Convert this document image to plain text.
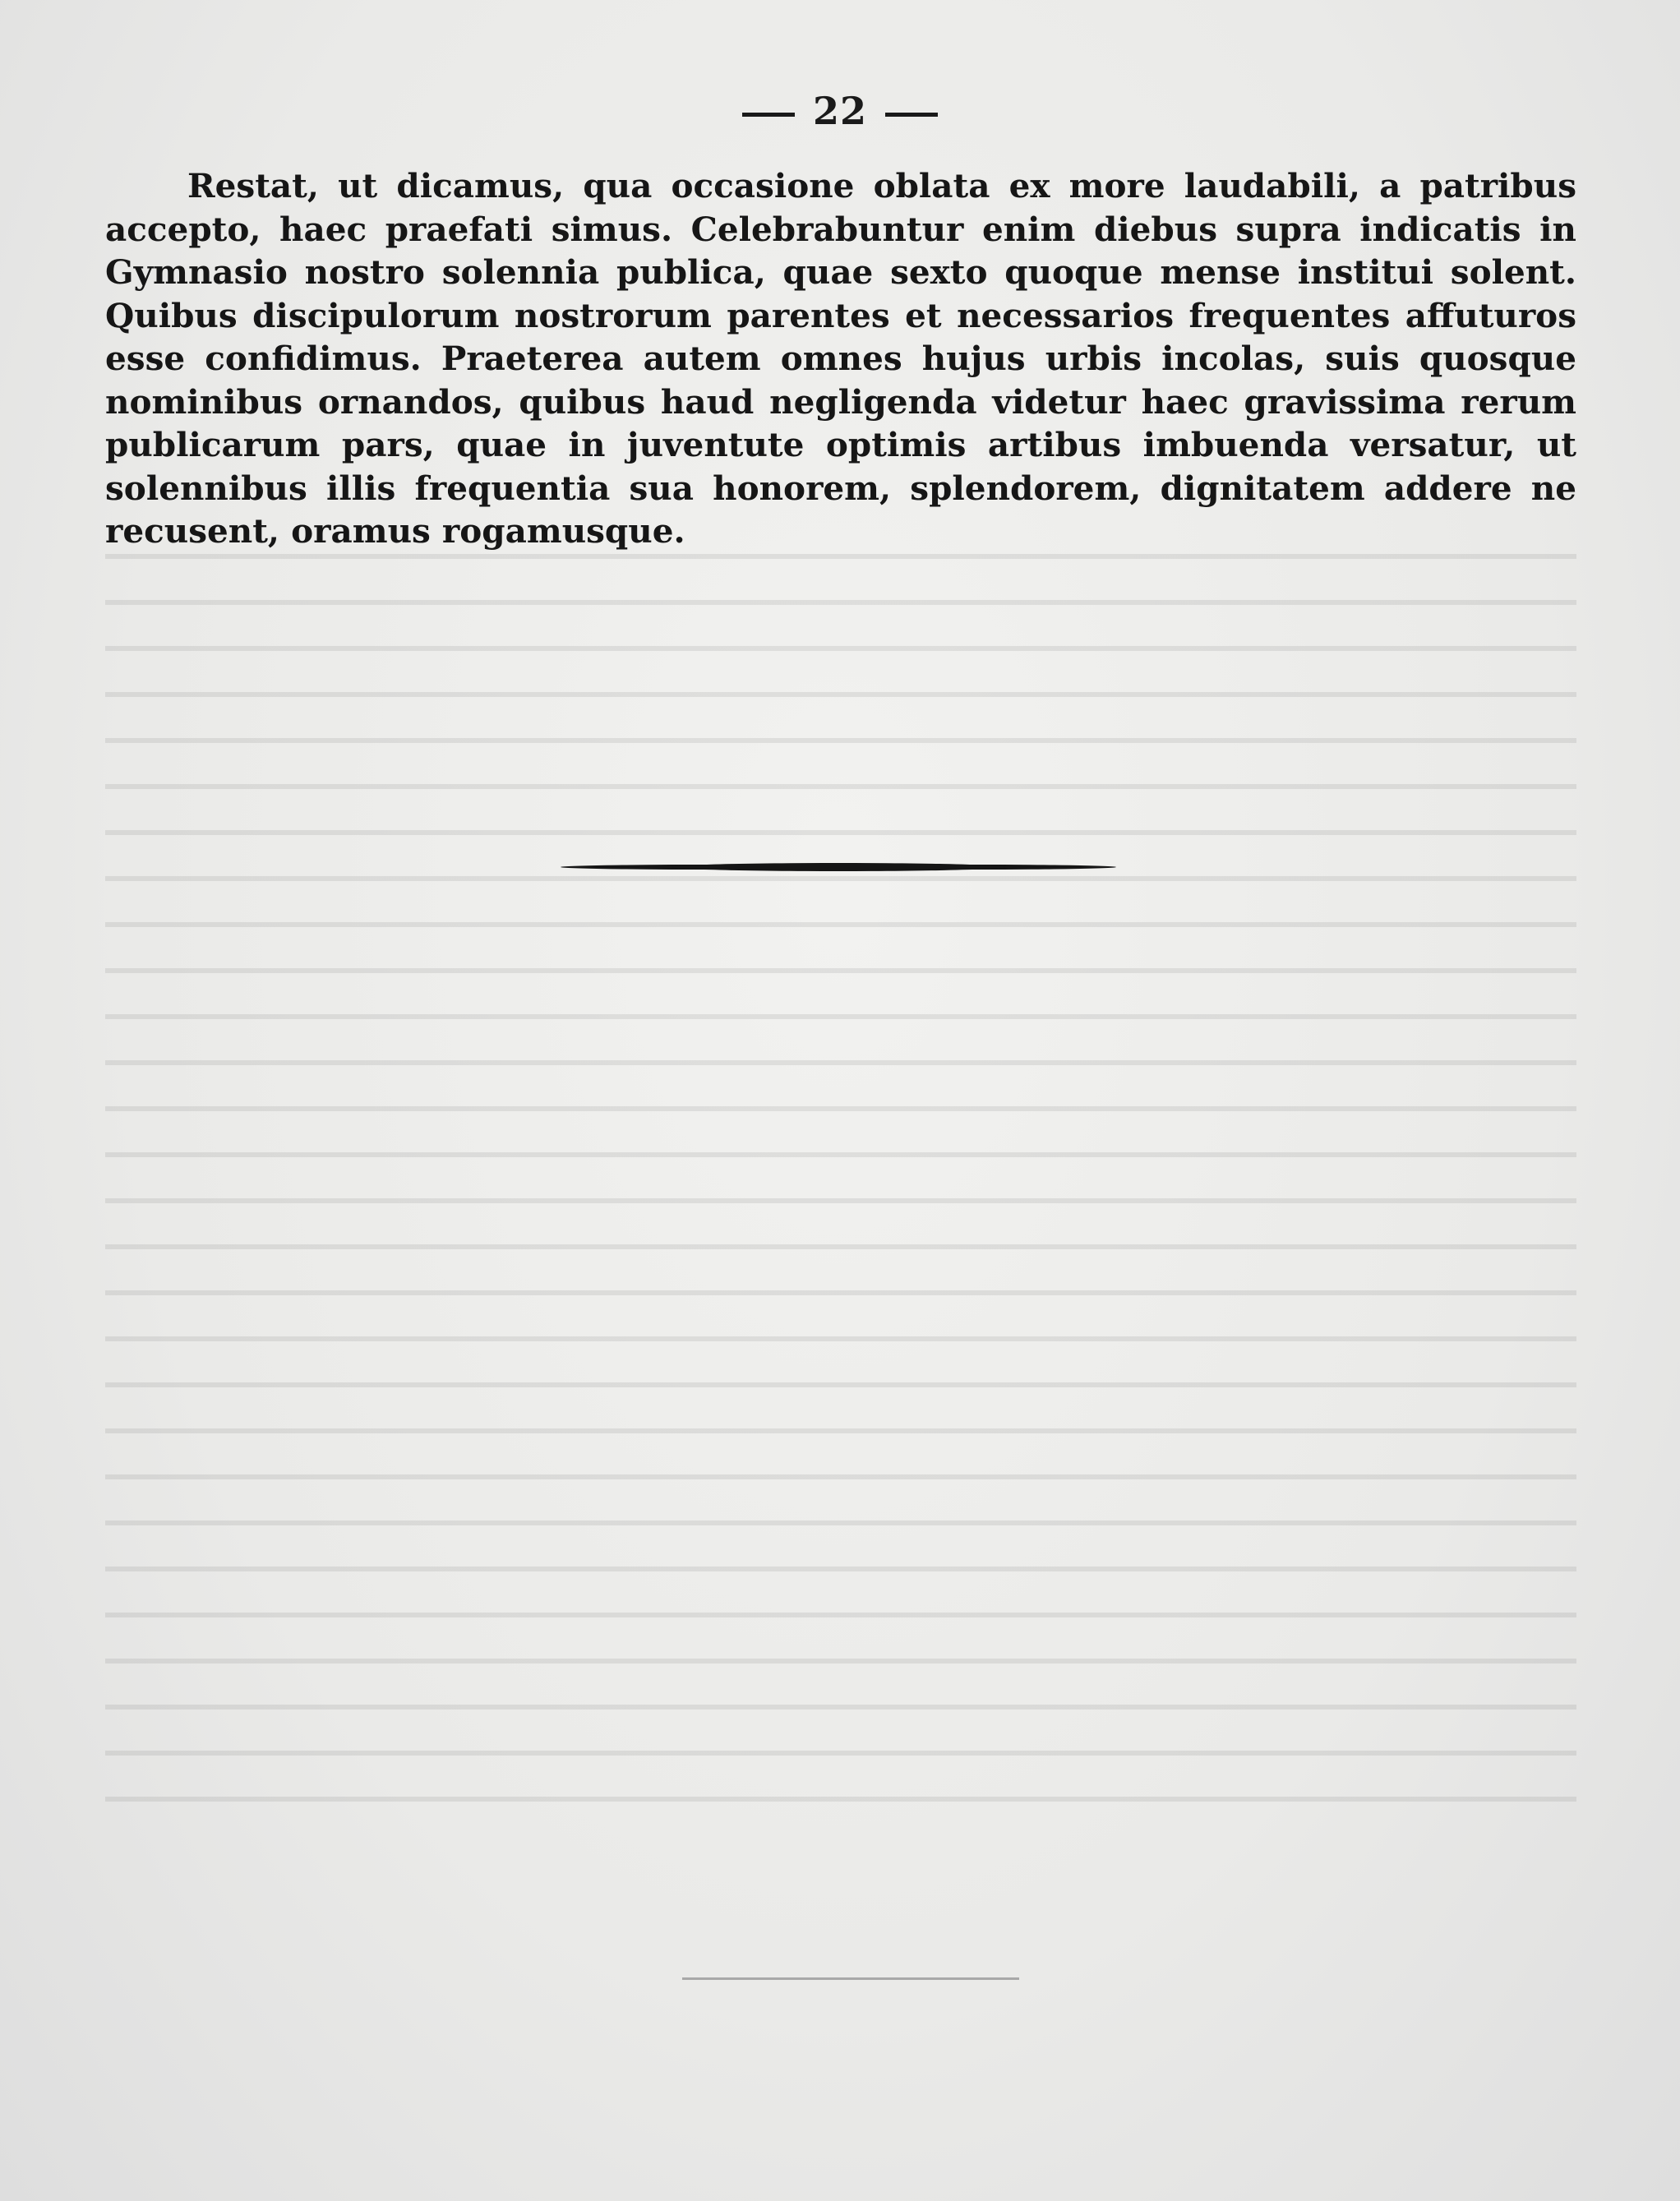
22
Restat, ut dicamus, qua occasione oblata ex more laudabili, a patribus accepto, haec praefati simus. Celebrabuntur enim diebus supra indicatis in Gymnasio nostro solennia publica, quae sexto quoque mense institui solent. Quibus discipulorum nostrorum parentes et necessarios frequentes affuturos esse confidimus. Praeterea autem omnes hujus urbis incolas, suis quosque nominibus ornandos, quibus haud negligenda videtur haec gravissima rerum publicarum pars, quae in juventute optimis artibus imbuenda versatur, ut solennibus illis frequentia sua honorem, splendorem, dignitatem addere ne recusent, oramus rogamusque.
